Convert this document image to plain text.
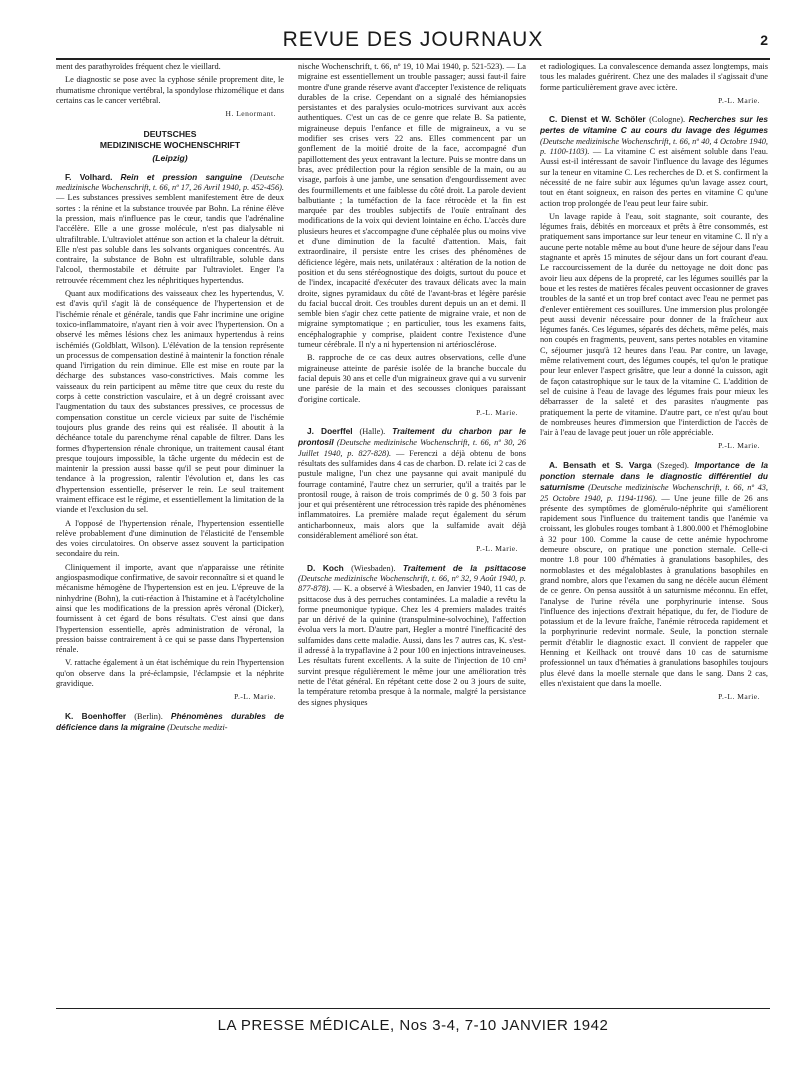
REVUE DES JOURNAUX	2

ment des parathyroïdes fréquent chez le vieillard.

Le diagnostic se pose avec la cyphose sénile proprement dite, le rhumatisme chronique vertébral, la spondylose rhizomélique et dans certains cas le cancer vertébral.

H. Lenormant.
DEUTSCHES
MEDIZINISCHE WOCHENSCHRIFT
(Leipzig)

F. Volhard. Rein et pression sanguine (Deutsche medizinische Wochenschrift, t. 66, nº 17, 26 Avril 1940, p. 452-456). — Les substances pressives semblent manifestement être de deux sortes : la rénine et la substance trouvée par Bohn. La rénine élève la pression, mais n'influence pas le cœur, tandis que l'adrénaline l'accélère. Elle a une grosse molécule, n'est pas dialysable ni ultrafiltrable. L'ultraviolet atténue son action et la chaleur la détruit. Elle n'est pas soluble dans les solvants organiques concentrés. Au contraire, la substance de Bohn est ultrafiltrable, soluble dans l'alcool, thermostabile et détruite par l'ultraviolet. Enger l'a retrouvée récemment chez les néphritiques hypertendus.

Quant aux modifications des vaisseaux chez les hypertendus, V. est d'avis qu'il s'agit là de conséquence de l'hypertension et de l'ischémie rénale et générale, tandis que Fahr incrimine une origine toxico-inflammatoire, n'ayant rien à voir avec l'hypertension. On a observé les mêmes lésions chez les animaux hypertendus à reins ischémiés (Goldblatt, Wilson). L'élévation de la tension représente un processus de compensation destiné à maintenir la fonction rénale quand l'irrigation du rein diminue. Elle est mise en route par la décharge des substances vaso-constrictives. Mais comme les vaisseaux du rein participent au même titre que ceux du reste du corps à cette constriction vasculaire, et à un degré croissant avec l'augmentation du taux des substances pressives, ce processus de compensation constitue un cercle vicieux par suite de l'ischémie toujours plus grande des reins qui est réalisée. Il aboutit à la déchéance totale du parenchyme rénal capable de filtrer. Dans les formes d'hypertension rénale chronique, un traitement causal étant presque toujours impossible, la tâche urgente du médecin est de maintenir la pression aussi basse qu'il se peut pour diminuer la tendance à la progression, ralentir l'évolution et, dans les cas d'hypertension essentielle, préserver le rein. Le seul traitement vraiment efficace est le régime, et essentiellement la limitation de la viande et l'exclusion du sel.

A l'opposé de l'hypertension rénale, l'hypertension essentielle relève probablement d'une diminution de l'élasticité de l'ensemble des voies circulatoires. On observe assez souvent la participation secondaire du rein.

Cliniquement il importe, avant que n'apparaisse une rétinite angiospasmodique confirmative, de savoir reconnaître si et quand le mécanisme hémogène de l'hypertension est en jeu. L'épreuve de la ninhydrine (Bohn), la cuti-réaction à l'histamine et à l'acétylcholine ainsi que les modifications de la pression après véronal (Dicker), fournissent à cet égard de bons résultats. C'est ainsi que dans l'hypertension essentielle, après administration de véronal, la pression baisse contrairement à ce qui se passe dans l'hypertension rénale.

V. rattache également à un état ischémique du rein l'hypertension qu'on observe dans la pré-éclampsie, l'éclampsie et la néphrite gravidique.

P.-L. Marie.

K. Boenhoffer (Berlin). Phénomènes durables de déficience dans la migraine (Deutsche medizi-

nische Wochenschrift, t. 66, nº 19, 10 Mai 1940, p. 521-523). — La migraine est essentiellement un trouble passager; aussi faut-il faire montre d'une grande réserve avant d'accepter l'existence de reliquats durables de la crise. Cependant on a signalé des hémianopsies persistantes et des paralysies oculo-motrices survivant aux accès authentiques. C'est un cas de ce genre que relate B. Sa patiente, migraineuse depuis l'enfance et fille de migraineux, a vu se modifier ses crises vers 22 ans. Elles commencent par un gonflement de la moitié droite de la face, accompagné d'un papillottement des yeux entravant la lecture. Puis se montre dans un bras, avec prédilection pour la région sensible de la main, ou au visage, parfois à une jambe, une sensation d'engourdissement avec des fourmillements et une faiblesse du côté droit. La parole devient balbutiante ; la tuméfaction de la face rétrocède et la fin est marquée par des troubles subjectifs de l'ouïe entraînant des modifications de la voix qui devient lointaine en écho. L'accès dure plusieurs heures et s'accompagne d'une céphalée plus ou moins vive et d'une diminution de la faculté d'attention. Mais, fait extraordinaire, il persiste entre les crises des phénomènes de déficience légère, mais nets, unilatéraux : altération de la notion de position et du sens stéréognostique des doigts, surtout du pouce et de l'index, incapacité d'exécuter des travaux délicats avec la main droite, signes pyramidaux du côté de l'avant-bras et légère parésie du facial buccal droit. Ces troubles durent depuis un an et demi. Il semble bien s'agir chez cette patiente de migraine vraie, et non de migraine symptomatique ; en particulier, tous les examens faits, encéphalographie y comprise, plaident contre l'existence d'une tumeur cérébrale. Il n'y a ni hypertension ni artériosclérose.

B. rapproche de ce cas deux autres observations, celle d'une migraineuse atteinte de parésie isolée de la branche buccale du facial depuis 30 ans et celle d'un migraineux grave qui a vu survenir une parésie de la main et des secousses cloniques paraissant d'origine corticale.

P.-L. Marie.

J. Doerffel (Halle). Traitement du charbon par le prontosil (Deutsche medizinische Wochenschrift, t. 66, nº 30, 26 Juillet 1940, p. 827-828). — Ferenczi a déjà obtenu de bons résultats des sulfamides dans 4 cas de charbon. D. relate ici 2 cas de pustule maligne, l'un chez une paysanne qui avait manipulé du fourrage contaminé, l'autre chez un serrurier, qu'il a traités par le prontosil rouge, à raison de trois comprimés de 0 g. 50 3 fois par jour et qui présentèrent une rétrocession très rapide des phénomènes inflammatoires. La première malade reçut également du sérum anticharbonneux, mais alors que la sulfamide avait déjà considérablement amélioré son état.

P.-L. Marie.

D. Koch (Wiesbaden). Traitement de la psittacose (Deutsche medizinische Wochenschrift, t. 66, nº 32, 9 Août 1940, p. 877-878). — K. a observé à Wiesbaden, en Janvier 1940, 11 cas de psittacose dus à des perruches contaminées. La maladie a revêtu la forme pneumonique typique. Chez les 4 premiers malades traités par un dérivé de la quinine (transpulmine-solvochine), l'affection évolua vers la mort. D'autre part, Hegler a montré l'inefficacité des sulfamides dans cette maladie. Aussi, dans les 7 autres cas, K. s'est-il adressé à la trypaflavine à 2 pour 100 en injections intraveineuses. Les résultats furent excellents. A la suite de l'injection de 10 cm³ survint presque régulièrement le même jour une amélioration très nette de l'état général. En répétant cette dose 2 ou 3 jours de suite, la température retomba presque à la normale, malgré la persistance des signes physiques

et radiologiques. La convalescence demanda assez longtemps, mais tous les malades guérirent. Chez une des malades il s'agissait d'une forme particulièrement grave avec ictère.

P.-L. Marie.

C. Dienst et W. Schöler (Cologne). Recherches sur les pertes de vitamine C au cours du lavage des légumes (Deutsche medizinische Wochenschrift, t. 66, nº 40, 4 Octobre 1940, p. 1100-1103). — La vitamine C est aisément soluble dans l'eau. Aussi est-il intéressant de savoir l'influence du lavage des légumes sur la teneur en vitamine C. Les recherches de D. et S. confirment la nécessité de ne faire subir aux légumes qu'un lavage assez court, tout en étant soigneux, en raison des pertes en vitamine C qu'une action trop prolongée de l'eau peut leur faire subir.

Un lavage rapide à l'eau, soit stagnante, soit courante, des légumes frais, débités en morceaux et prêts à être consommés, est pratiquement sans importance sur leur teneur en vitamine C. Il n'y a aucune perte notable même au bout d'une heure de séjour dans l'eau stagnante et après 15 minutes de séjour dans un fort courant d'eau. Le raccourcissement de la durée du nettoyage ne doit donc pas avoir lieu aux dépens de la propreté, car les légumes souillés par la boue et les restes de matières fécales peuvent occasionner de graves troubles de la santé et un trop bref contact avec l'eau ne permet pas d'enlever entièrement ces souillures. Une immersion plus prolongée peut aussi devenir nécessaire pour donner de la fraîcheur aux légumes fanés. Ces légumes, séparés des déchets, même pelés, mais non coupés en fragments, peuvent, sans pertes notables en vitamine C, séjourner jusqu'à 12 heures dans l'eau. Par contre, un lavage, même relativement court, des légumes coupés, tel qu'on le pratique pour leur enlever l'aspect grisâtre, que leur a donné la cuisson, agit de façon catastrophique sur le taux de la vitamine C. L'addition de sel de cuisine à l'eau de lavage des légumes frais pour mieux les débarrasser de la saleté et des parasites n'augmente pas pratiquement la perte de vitamine. D'autre part, ce n'est qu'au bout de nombreuses heures d'immersion que l'interdiction de l'accès de l'air à l'eau de lavage peut jouer un rôle appréciable.

P.-L. Marie.

A. Bensath et S. Varga (Szeged). Importance de la ponction sternale dans le diagnostic différentiel du saturnisme (Deutsche medizinische Wochenschrift, t. 66, nº 43, 25 Octobre 1940, p. 1194-1196). — Une jeune fille de 26 ans présente des symptômes de glomérulo-néphrite qui s'améliorent rapidement sous l'influence du traitement tandis que l'anémie va croissant, les globules rouges tombant à 1.800.000 et l'hémoglobine à 32 pour 100. Comme la cause de cette anémie hypochrome demeure obscure, on pratique une ponction sternale. Celle-ci montre 1.8 pour 100 d'hématies à granulations basophiles, des normoblastes et des mégaloblastes à granulations basophiles en grand nombre, alors que l'examen du sang ne décèle aucun élément de ce genre. On pensa aussitôt à un saturnisme méconnu. En effet, l'analyse de l'urine révéla une porphyrinurie intense. Sous l'influence des injections d'extrait hépatique, du fer, de l'iodure de potassium et de la levure fraîche, l'anémie rétroceda rapidement et la porphyrinurie redevint normale. Seule, la ponction sternale permit d'établir le diagnostic exact. Il convient de rappeler que Henning et Keilhack ont trouvé dans 10 cas de saturnisme professionnel un taux d'hématies à granulations basophiles toujours plus élevé dans la moelle sternale que dans le sang. Dans 2 cas, elles n'existaient que dans la moelle.

P.-L. Marie.
LA PRESSE MÉDICALE, Nos 3-4, 7-10 JANVIER 1942
